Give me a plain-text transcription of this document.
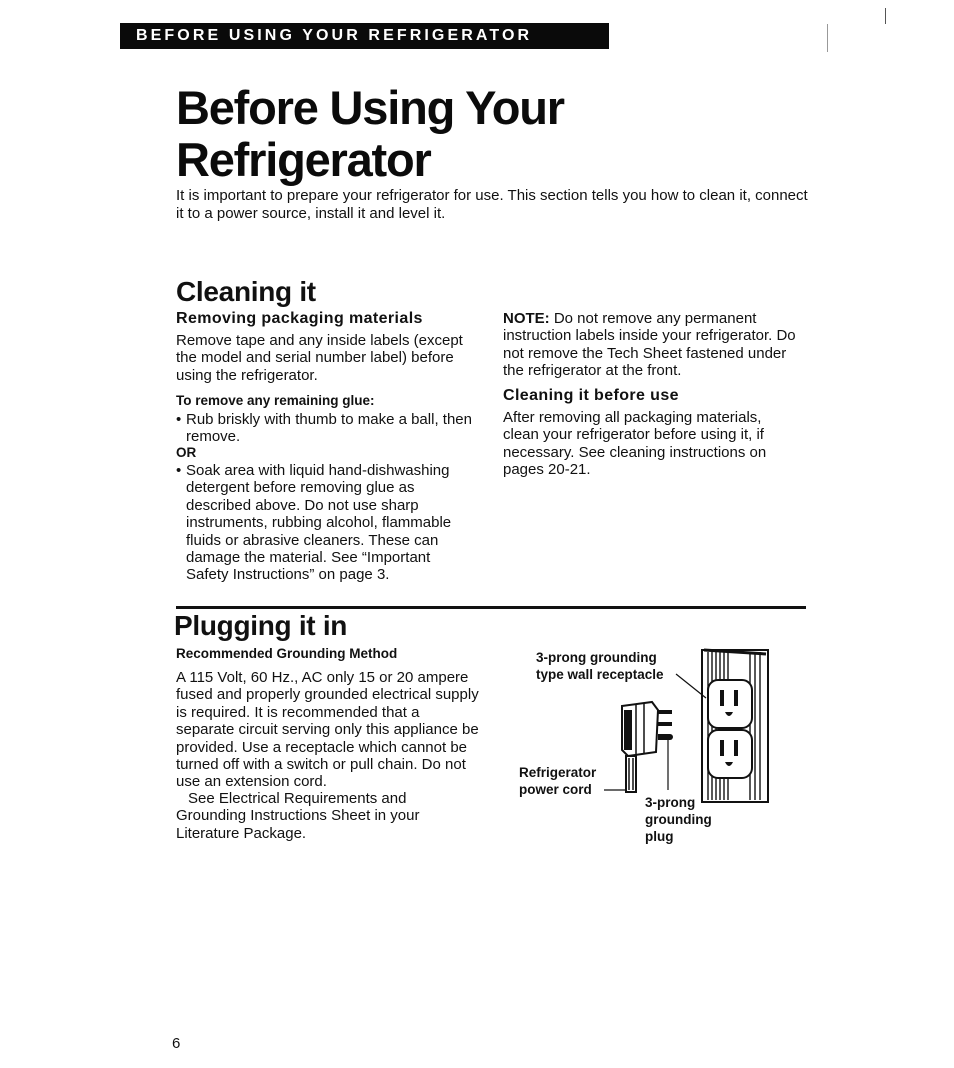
BEFORE USING YOUR REFRIGERATOR
Before Using Your
Refrigerator

It is important to prepare your refrigerator for use. This section tells you how to clean it, connect it to a power source, install it and level it.

Cleaning it
Removing packaging materials

Remove tape and any inside labels (except the model and serial number label) before using the refrigerator.

To remove any remaining glue:

• Rub briskly with thumb to make a ball, then remove.

OR

• Soak area with liquid hand-dishwashing detergent before removing glue as described above. Do not use sharp instruments, rubbing alcohol, flammable fluids or abrasive cleaners. These can damage the material. See “Important Safety Instructions” on page 3.

NOTE: Do not remove any permanent instruction labels inside your refrigerator. Do not remove the Tech Sheet fastened under the refrigerator at the front.

Cleaning it before use

After removing all packaging materials, clean your refrigerator before using it, if necessary. See cleaning instructions on pages 20-21.

Plugging it in

Recommended Grounding Method

A 115 Volt, 60 Hz., AC only 15 or 20 ampere fused and properly grounded electrical supply is required. It is recommended that a separate circuit serving only this appliance be provided. Use a receptacle which cannot be turned off with a switch or pull chain. Do not use an extension cord.

See Electrical Requirements and Grounding Instructions Sheet in your Literature Package.

3-prong grounding
type wall receptacle

Refrigerator
power cord

3-prong
grounding
plug

6
